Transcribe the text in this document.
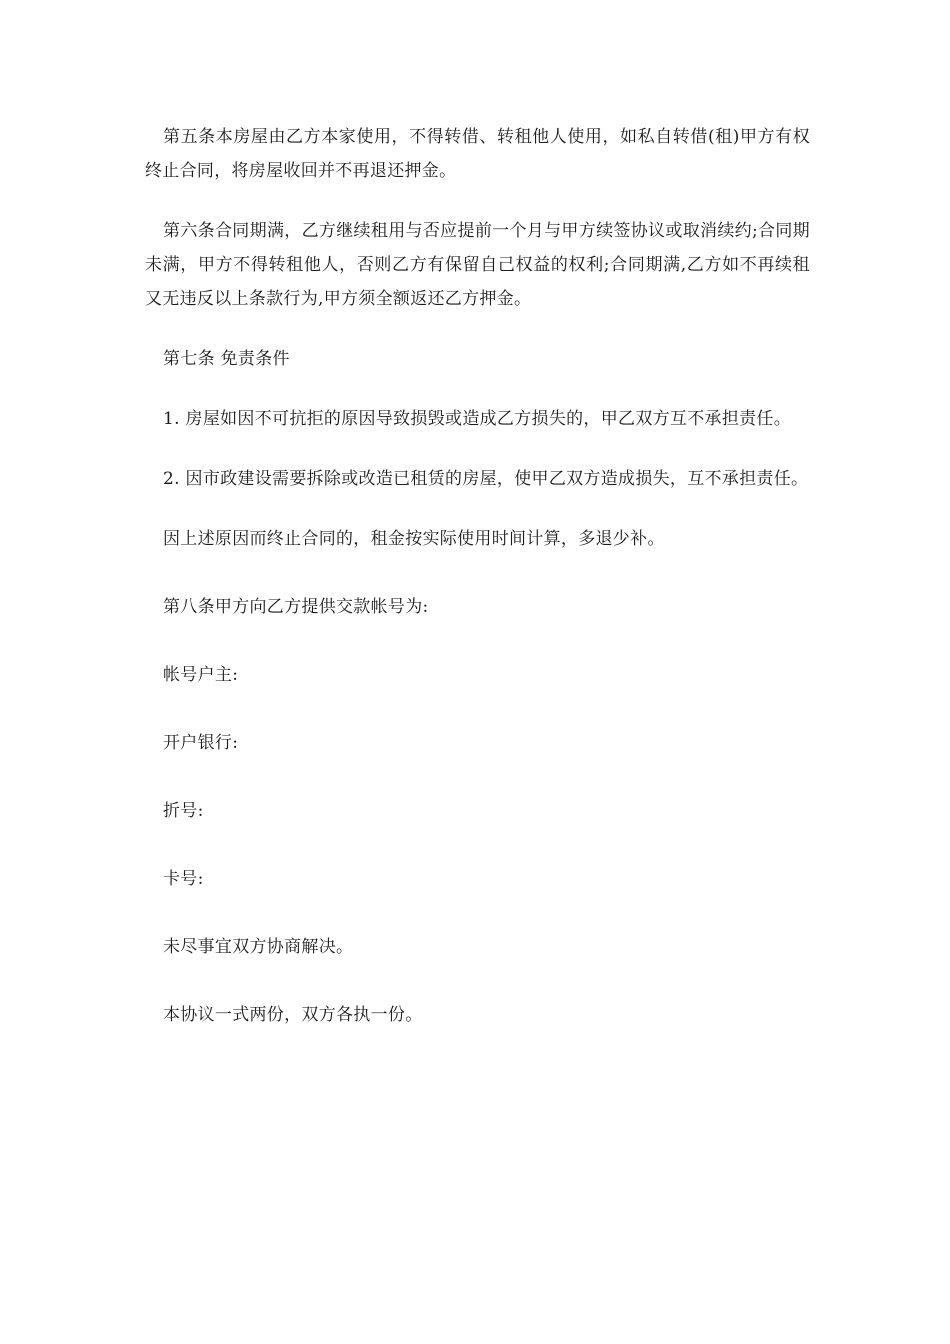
第五条本房屋由乙方本家使用，不得转借、转租他人使用，如私自转借(租)甲方有权终止合同，将房屋收回并不再退还押金。

第六条合同期满，乙方继续租用与否应提前一个月与甲方续签协议或取消续约;合同期未满，甲方不得转租他人，否则乙方有保留自己权益的权利;合同期满,乙方如不再续租又无违反以上条款行为,甲方须全额返还乙方押金。

第七条 免责条件

1. 房屋如因不可抗拒的原因导致损毁或造成乙方损失的，甲乙双方互不承担责任。

2. 因市政建设需要拆除或改造已租赁的房屋，使甲乙双方造成损失，互不承担责任。

因上述原因而终止合同的，租金按实际使用时间计算，多退少补。

第八条甲方向乙方提供交款帐号为:

帐号户主:

开户银行:

折号:

卡号:

未尽事宜双方协商解决。

本协议一式两份，双方各执一份。
